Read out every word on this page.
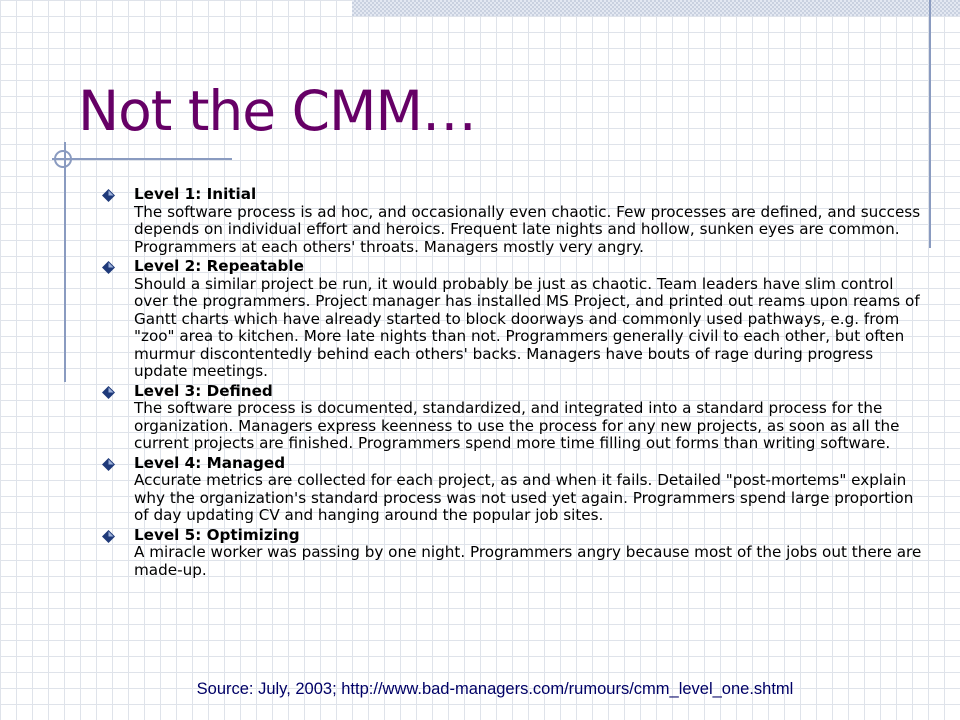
Not the CMM…
Level 1: Initial
The software process is ad hoc, and occasionally even chaotic. Few processes are defined, and success depends on individual effort and heroics. Frequent late nights and hollow, sunken eyes are common. Programmers at each others' throats. Managers mostly very angry.
Level 2: Repeatable
Should a similar project be run, it would probably be just as chaotic. Team leaders have slim control over the programmers. Project manager has installed MS Project, and printed out reams upon reams of Gantt charts which have already started to block doorways and commonly used pathways, e.g. from "zoo" area to kitchen. More late nights than not. Programmers generally civil to each other, but often murmur discontentedly behind each others' backs. Managers have bouts of rage during progress update meetings.
Level 3: Defined
The software process is documented, standardized, and integrated into a standard process for the organization. Managers express keenness to use the process for any new projects, as soon as all the current projects are finished. Programmers spend more time filling out forms than writing software.
Level 4: Managed
Accurate metrics are collected for each project, as and when it fails. Detailed "post-mortems" explain why the organization's standard process was not used yet again. Programmers spend large proportion of day updating CV and hanging around the popular job sites.
Level 5: Optimizing
A miracle worker was passing by one night. Programmers angry because most of the jobs out there are made-up.

Source: July, 2003; http://www.bad-managers.com/rumours/cmm_level_one.shtml
